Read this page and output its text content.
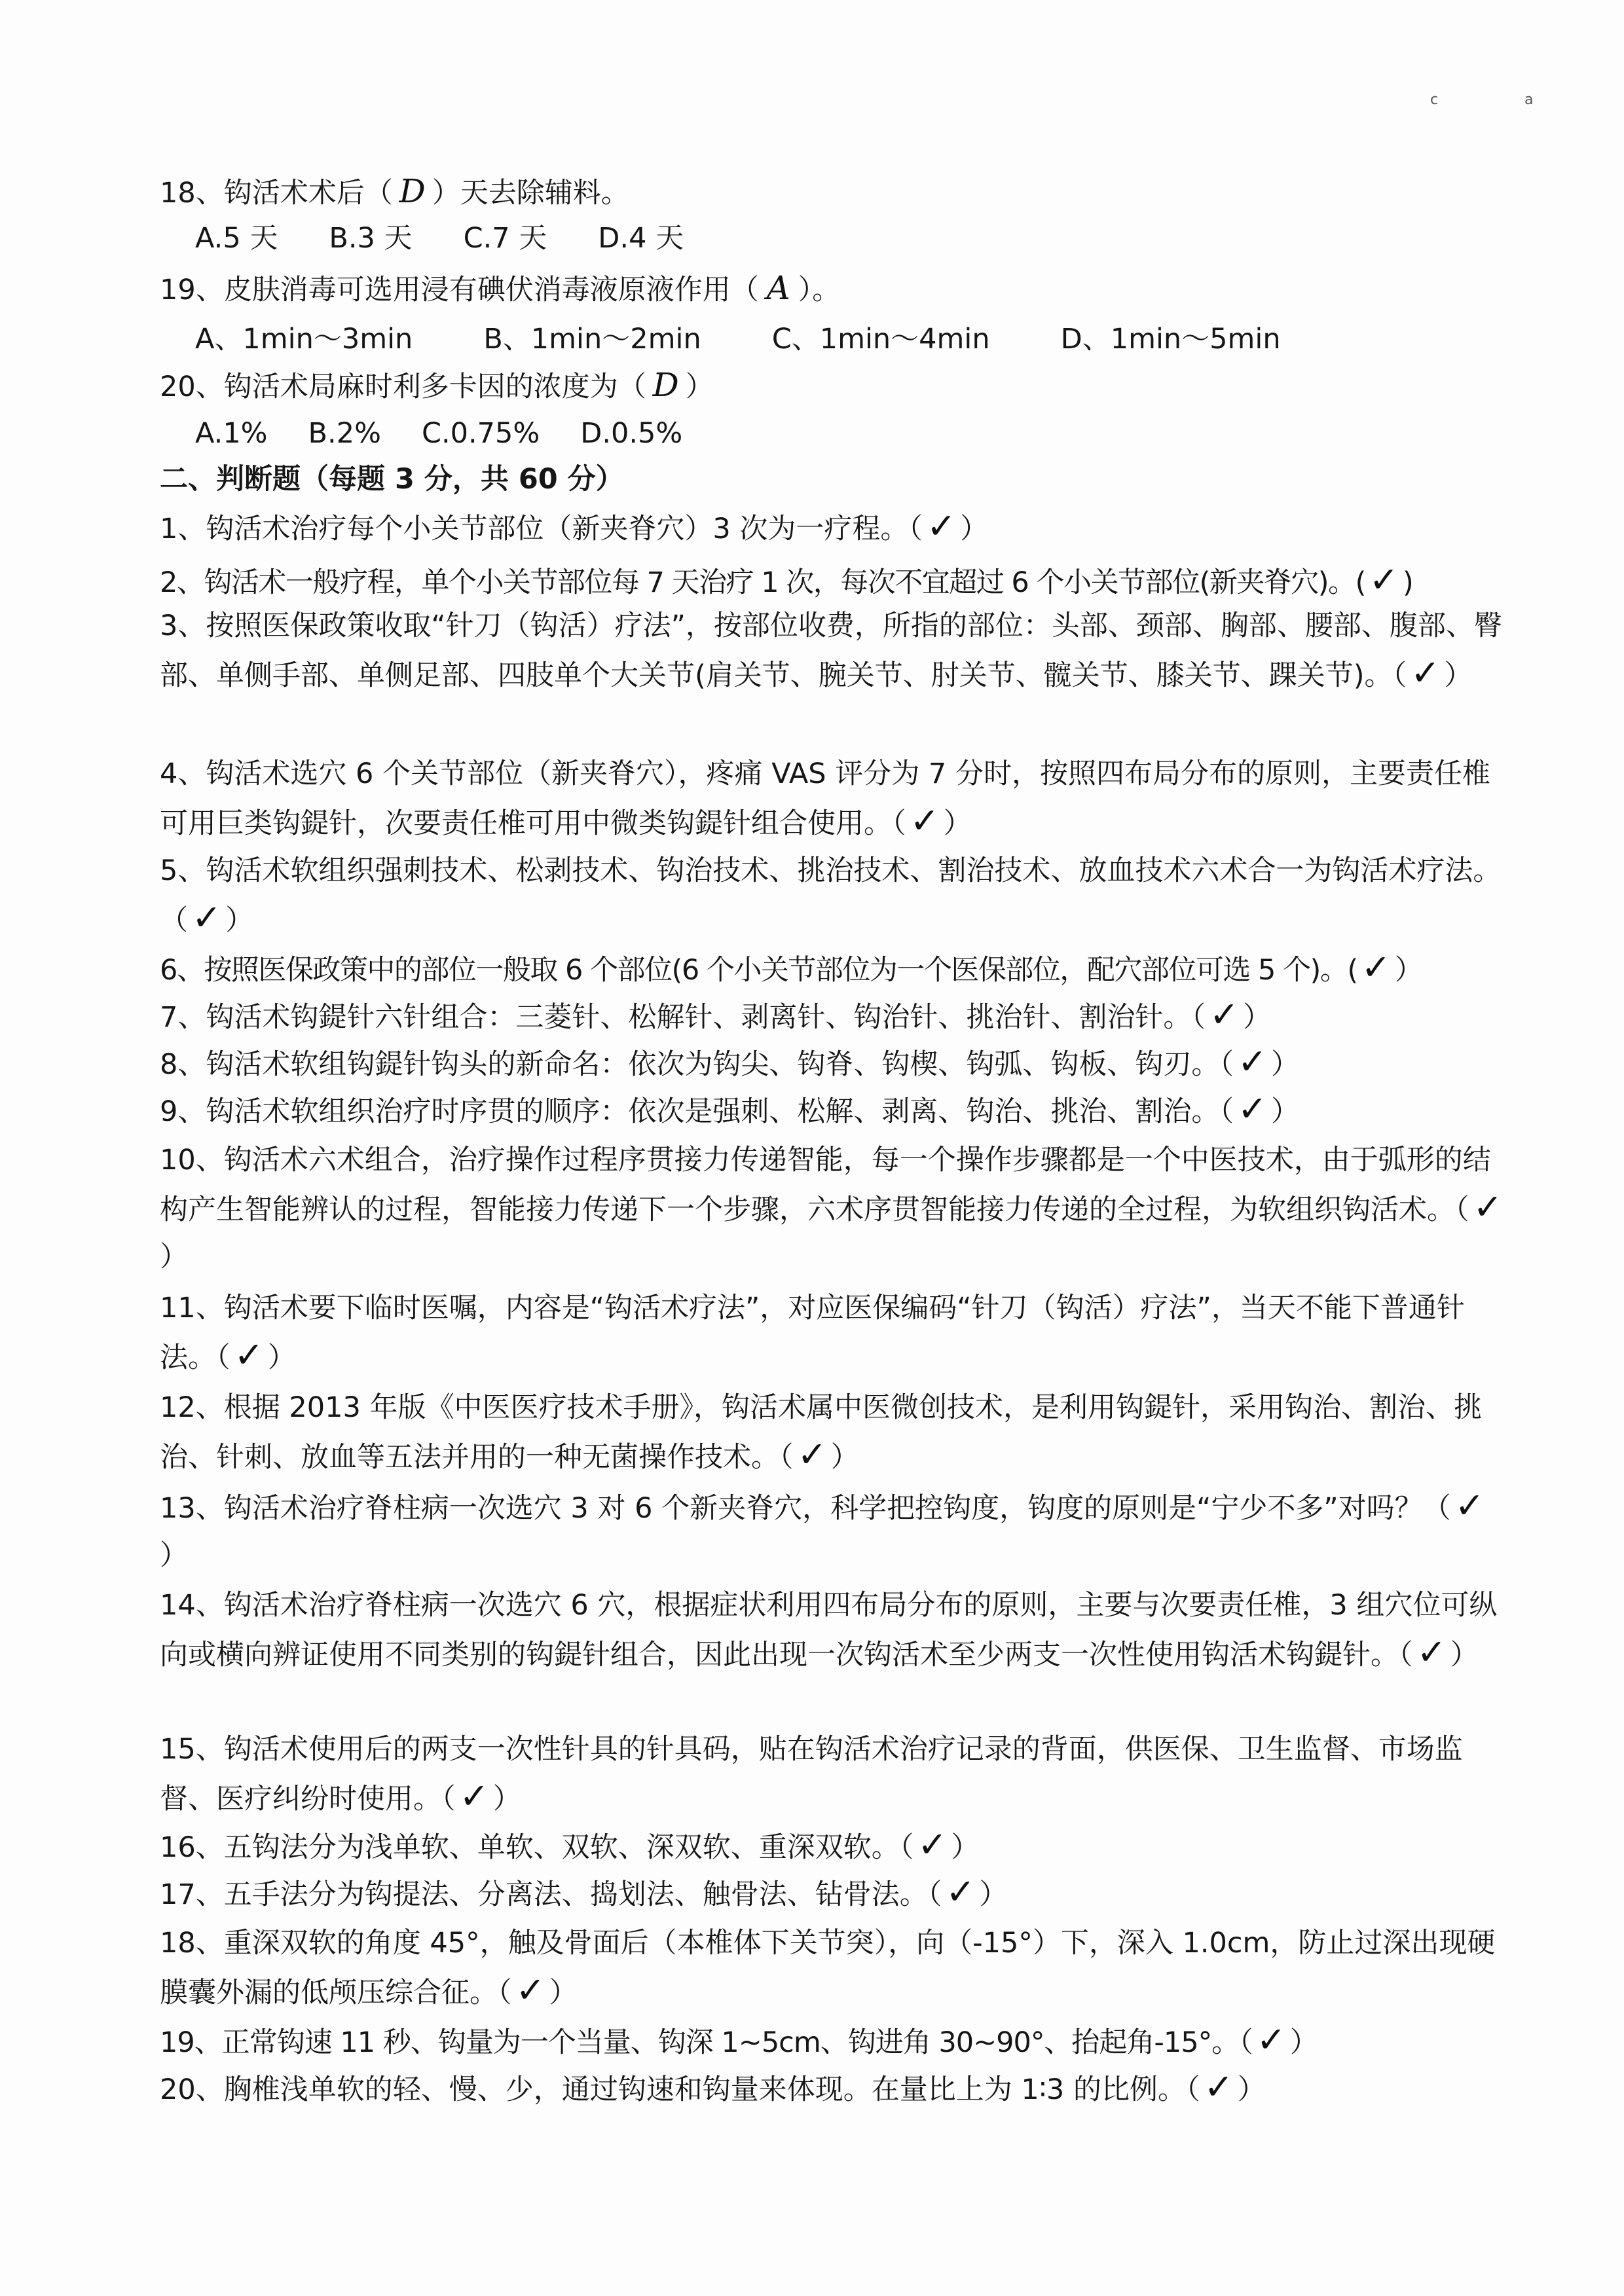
c	a
18、钩活术术后（ D ）天去除辅料。
A.5 天 B.3 天 C.7 天 D.4 天
19、皮肤消毒可选用浸有碘伏消毒液原液作用（ A ）。
A、1min～3min	B、1min～2min	C、1min～4min	D、1min～5min
20、钩活术局麻时利多卡因的浓度为（ D ）
A.1% B.2% C.0.75% D.0.5%
二、判断题（每题 3 分，共 60 分）
1、钩活术治疗每个小关节部位（新夹脊穴）3 次为一疗程。（ ✓ ）
2、钩活术一般疗程，单个小关节部位每 7 天治疗 1 次，每次不宜超过 6 个小关节部位(新夹脊穴)。( ✓ )
3、按照医保政策收取“针刀（钩活）疗法”，按部位收费，所指的部位：头部、颈部、胸部、腰部、腹部、臀部、单侧手部、单侧足部、四肢单个大关节(肩关节、腕关节、肘关节、髋关节、膝关节、踝关节)。（ ✓ ）
4、钩活术选穴 6 个关节部位（新夹脊穴），疼痛 VAS 评分为 7 分时，按照四布局分布的原则，主要责任椎可用巨类钩鍉针，次要责任椎可用中微类钩鍉针组合使用。（ ✓ ）
5、钩活术软组织强刺技术、松剥技术、钩治技术、挑治技术、割治技术、放血技术六术合一为钩活术疗法。（ ✓ ）
6、按照医保政策中的部位一般取 6 个部位(6 个小关节部位为一个医保部位，配穴部位可选 5 个)。( ✓ ）
7、钩活术钩鍉针六针组合：三菱针、松解针、剥离针、钩治针、挑治针、割治针。（ ✓ ）
8、钩活术软组钩鍉针钩头的新命名：依次为钩尖、钩脊、钩楔、钩弧、钩板、钩刃。（ ✓ ）
9、钩活术软组织治疗时序贯的顺序：依次是强刺、松解、剥离、钩治、挑治、割治。（ ✓ ）
10、钩活术六术组合，治疗操作过程序贯接力传递智能，每一个操作步骤都是一个中医技术，由于弧形的结构产生智能辨认的过程，智能接力传递下一个步骤，六术序贯智能接力传递的全过程，为软组织钩活术。（ ✓）
11、钩活术要下临时医嘱，内容是“钩活术疗法”，对应医保编码“针刀（钩活）疗法”，当天不能下普通针法。（ ✓ ）
12、根据 2013 年版《中医医疗技术手册》，钩活术属中医微创技术，是利用钩鍉针，采用钩治、割治、挑治、针刺、放血等五法并用的一种无菌操作技术。（ ✓ ）
13、钩活术治疗脊柱病一次选穴 3 对 6 个新夹脊穴，科学把控钩度，钩度的原则是“宁少不多”对吗？（ ✓）
14、钩活术治疗脊柱病一次选穴 6 穴，根据症状利用四布局分布的原则，主要与次要责任椎，3 组穴位可纵向或横向辨证使用不同类别的钩鍉针组合，因此出现一次钩活术至少两支一次性使用钩活术钩鍉针。（ ✓ ）
15、钩活术使用后的两支一次性针具的针具码，贴在钩活术治疗记录的背面，供医保、卫生监督、市场监督、医疗纠纷时使用。（ ✓ ）
16、五钩法分为浅单软、单软、双软、深双软、重深双软。（ ✓ ）
17、五手法分为钩提法、分离法、捣划法、触骨法、钻骨法。（ ✓ ）
18、重深双软的角度 45°，触及骨面后（本椎体下关节突），向（-15°）下，深入 1.0cm，防止过深出现硬膜囊外漏的低颅压综合征。（ ✓ ）
19、正常钩速 11 秒、钩量为一个当量、钩深 1~5cm、钩进角 30~90°、抬起角-15°。（ ✓ ）
20、胸椎浅单软的轻、慢、少，通过钩速和钩量来体现。在量比上为 1∶3 的比例。（ ✓ ）
